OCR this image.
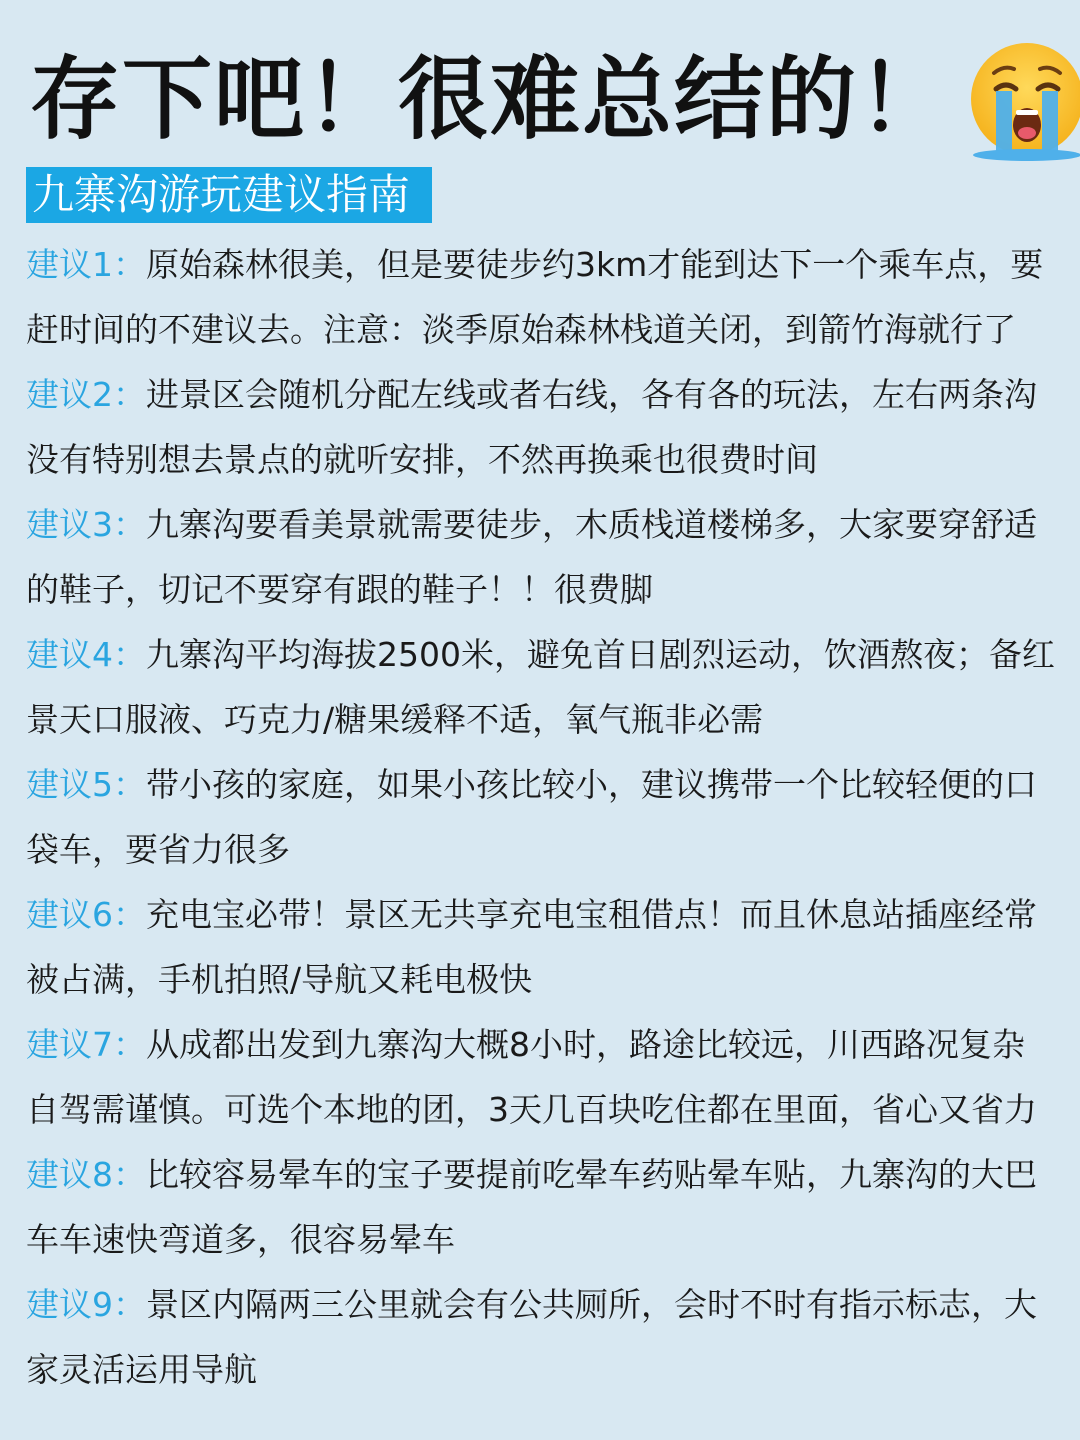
存下吧！很难总结的！
九寨沟游玩建议指南
建议1：原始森林很美，但是要徒步约3km才能到达下一个乘车点，要赶时间的不建议去。注意：淡季原始森林栈道关闭，到箭竹海就行了
建议2：进景区会随机分配左线或者右线，各有各的玩法，左右两条沟没有特别想去景点的就听安排，不然再换乘也很费时间
建议3：九寨沟要看美景就需要徒步，木质栈道楼梯多，大家要穿舒适的鞋子，切记不要穿有跟的鞋子！！很费脚
建议4：九寨沟平均海拔2500米，避免首日剧烈运动，饮酒熬夜；备红景天口服液、巧克力/糖果缓释不适，氧气瓶非必需
建议5：带小孩的家庭，如果小孩比较小，建议携带一个比较轻便的口袋车，要省力很多
建议6：充电宝必带！景区无共享充电宝租借点！而且休息站插座经常被占满，手机拍照/导航又耗电极快
建议7：从成都出发到九寨沟大概8小时，路途比较远，川西路况复杂自驾需谨慎。可选个本地的团，3天几百块吃住都在里面，省心又省力
建议8：比较容易晕车的宝子要提前吃晕车药贴晕车贴，九寨沟的大巴车车速快弯道多，很容易晕车
建议9：景区内隔两三公里就会有公共厕所，会时不时有指示标志，大家灵活运用导航
